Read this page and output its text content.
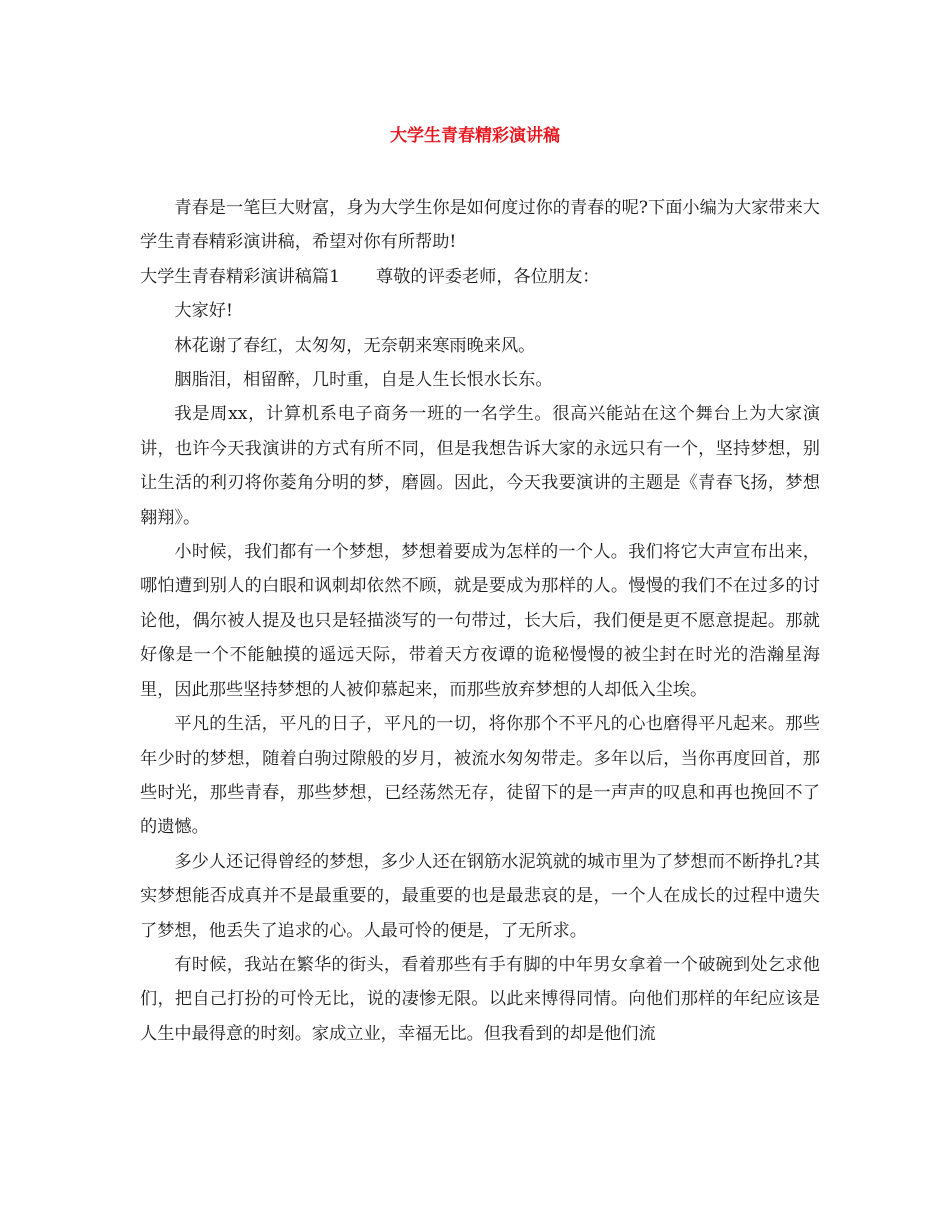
大学生青春精彩演讲稿

青春是一笔巨大财富，身为大学生你是如何度过你的青春的呢?下面小编为大家带来大学生青春精彩演讲稿，希望对你有所帮助!

大学生青春精彩演讲稿篇1 尊敬的评委老师，各位朋友：

大家好!

林花谢了春红，太匆匆，无奈朝来寒雨晚来风。

胭脂泪，相留醉，几时重，自是人生长恨水长东。

我是周xx，计算机系电子商务一班的一名学生。很高兴能站在这个舞台上为大家演讲，也许今天我演讲的方式有所不同，但是我想告诉大家的永远只有一个，坚持梦想，别让生活的利刃将你菱角分明的梦，磨圆。因此，今天我要演讲的主题是《青春飞扬，梦想翱翔》。

小时候，我们都有一个梦想，梦想着要成为怎样的一个人。我们将它大声宣布出来，哪怕遭到别人的白眼和讽刺却依然不顾，就是要成为那样的人。慢慢的我们不在过多的讨论他，偶尔被人提及也只是轻描淡写的一句带过，长大后，我们便是更不愿意提起。那就好像是一个不能触摸的遥远天际，带着天方夜谭的诡秘慢慢的被尘封在时光的浩瀚星海里，因此那些坚持梦想的人被仰慕起来，而那些放弃梦想的人却低入尘埃。

平凡的生活，平凡的日子，平凡的一切，将你那个不平凡的心也磨得平凡起来。那些年少时的梦想，随着白驹过隙般的岁月，被流水匆匆带走。多年以后，当你再度回首，那些时光，那些青春，那些梦想，已经荡然无存，徒留下的是一声声的叹息和再也挽回不了的遗憾。

多少人还记得曾经的梦想，多少人还在钢筋水泥筑就的城市里为了梦想而不断挣扎?其实梦想能否成真并不是最重要的，最重要的也是最悲哀的是，一个人在成长的过程中遗失了梦想，他丢失了追求的心。人最可怜的便是，了无所求。

有时候，我站在繁华的街头，看着那些有手有脚的中年男女拿着一个破碗到处乞求他们，把自己打扮的可怜无比，说的凄惨无限。以此来博得同情。向他们那样的年纪应该是人生中最得意的时刻。家成立业，幸福无比。但我看到的却是他们流
